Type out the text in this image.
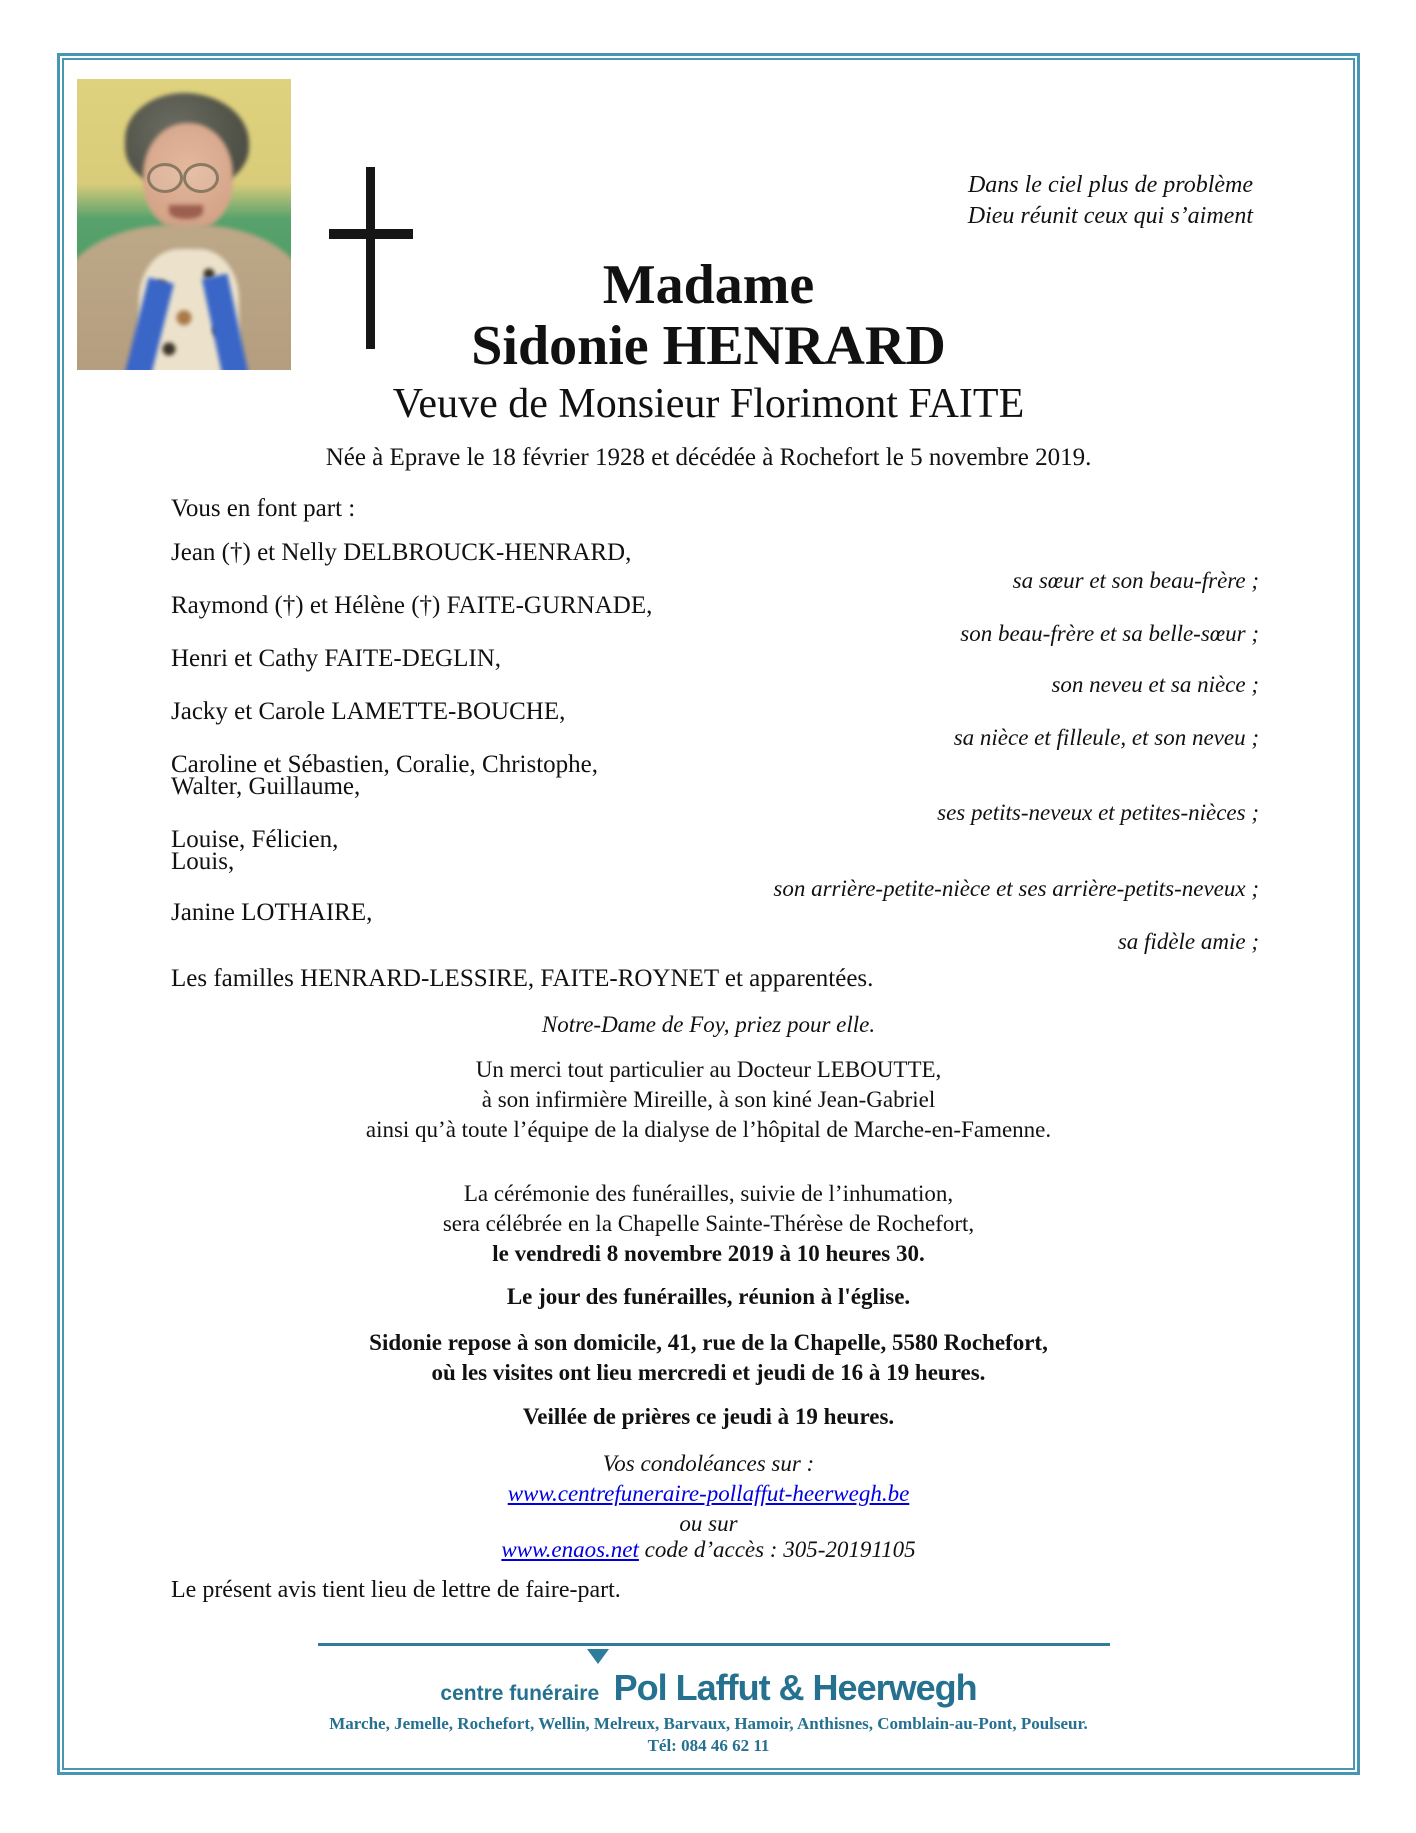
Dans le ciel plus de problème
Dieu réunit ceux qui s’aiment
Madame
Sidonie HENRARD
Veuve de Monsieur Florimont FAITE
Née à Eprave le 18 février 1928 et décédée à Rochefort le 5 novembre 2019.
Vous en font part :
Jean (†) et Nelly DELBROUCK-HENRARD,
sa sœur et son beau-frère ;
Raymond (†) et Hélène (†) FAITE-GURNADE,
son beau-frère et sa belle-sœur ;
Henri et Cathy FAITE-DEGLIN,
son neveu et sa nièce ;
Jacky et Carole LAMETTE-BOUCHE,
sa nièce et filleule, et son neveu ;
Caroline et Sébastien, Coralie, Christophe,
Walter, Guillaume,
ses petits-neveux et petites-nièces ;
Louise, Félicien,
Louis,
son arrière-petite-nièce et ses arrière-petits-neveux ;
Janine LOTHAIRE,
sa fidèle amie ;
Les familles HENRARD-LESSIRE, FAITE-ROYNET et apparentées.
Notre-Dame de Foy, priez pour elle.
Un merci tout particulier au Docteur LEBOUTTE,
à son infirmière Mireille, à son kiné Jean-Gabriel
ainsi qu’à toute l’équipe de la dialyse de l’hôpital de Marche-en-Famenne.
La cérémonie des funérailles, suivie de l’inhumation,
sera célébrée en la Chapelle Sainte-Thérèse de Rochefort,
le vendredi 8 novembre 2019 à 10 heures 30.
Le jour des funérailles, réunion à l'église.
Sidonie repose à son domicile, 41, rue de la Chapelle, 5580 Rochefort,
où les visites ont lieu mercredi et jeudi de 16 à 19 heures.
Veillée de prières ce jeudi à 19 heures.
Vos condoléances sur :
www.centrefuneraire-pollaffut-heerwegh.be
ou sur
www.enaos.net code d’accès : 305-20191105
Le présent avis tient lieu de lettre de faire-part.
centre funéraire Pol Laffut & Heerwegh
Marche, Jemelle, Rochefort, Wellin, Melreux, Barvaux, Hamoir, Anthisnes, Comblain-au-Pont, Poulseur.
Tél: 084 46 62 11
